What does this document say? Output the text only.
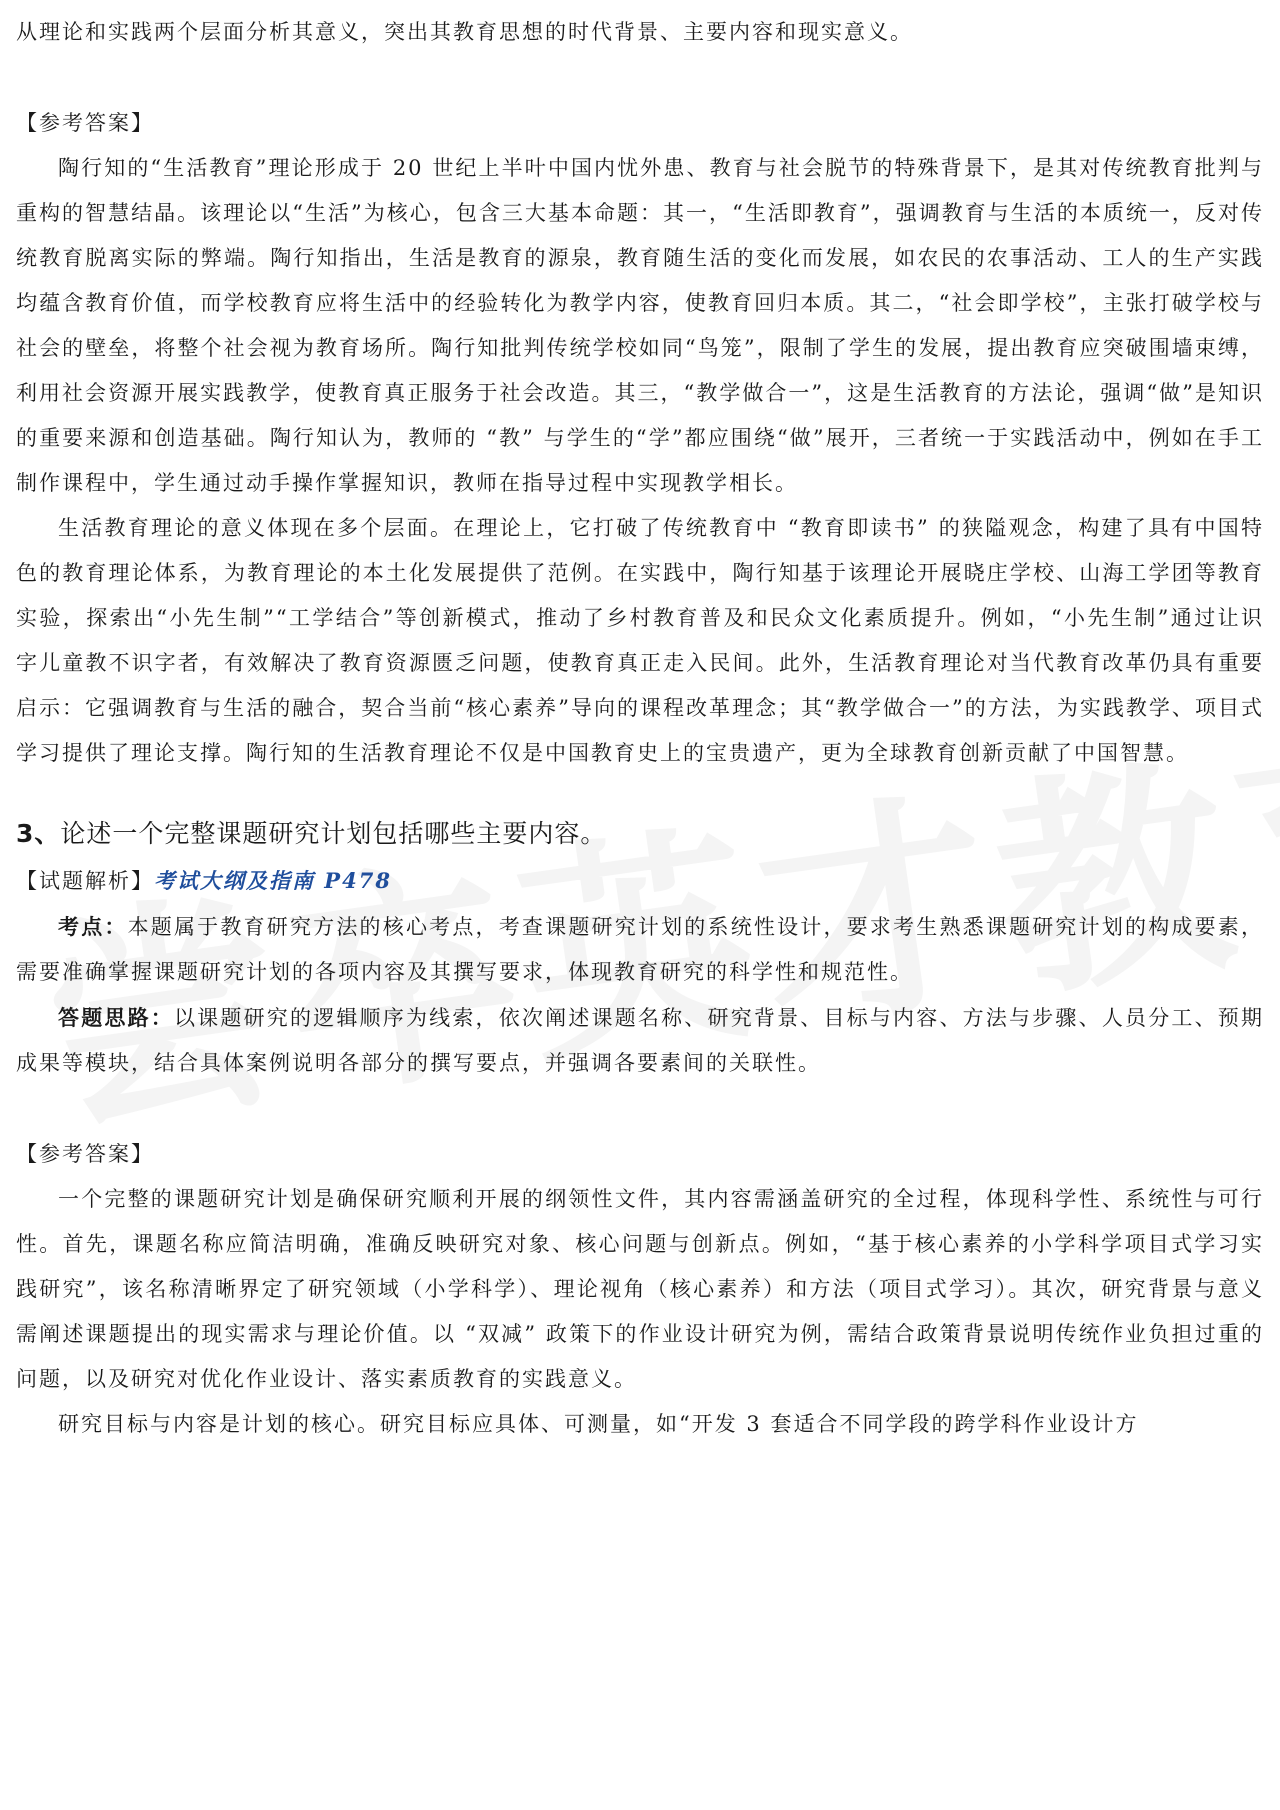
从理论和实践两个层面分析其意义，突出其教育思想的时代背景、主要内容和现实意义。

【参考答案】

陶行知的“生活教育”理论形成于 20 世纪上半叶中国内忧外患、教育与社会脱节的特殊背景下，是其对传统教育批判与重构的智慧结晶。该理论以“生活”为核心，包含三大基本命题：其一，“生活即教育”，强调教育与生活的本质统一，反对传统教育脱离实际的弊端。陶行知指出，生活是教育的源泉，教育随生活的变化而发展，如农民的农事活动、工人的生产实践均蕴含教育价值，而学校教育应将生活中的经验转化为教学内容，使教育回归本质。其二，“社会即学校”，主张打破学校与社会的壁垒，将整个社会视为教育场所。陶行知批判传统学校如同“鸟笼”，限制了学生的发展，提出教育应突破围墙束缚，利用社会资源开展实践教学，使教育真正服务于社会改造。其三，“教学做合一”，这是生活教育的方法论，强调“做”是知识的重要来源和创造基础。陶行知认为，教师的 “教” 与学生的“学”都应围绕“做”展开，三者统一于实践活动中，例如在手工制作课程中，学生通过动手操作掌握知识，教师在指导过程中实现教学相长。

生活教育理论的意义体现在多个层面。在理论上，它打破了传统教育中 “教育即读书” 的狭隘观念，构建了具有中国特色的教育理论体系，为教育理论的本土化发展提供了范例。在实践中，陶行知基于该理论开展晓庄学校、山海工学团等教育实验，探索出“小先生制”“工学结合”等创新模式，推动了乡村教育普及和民众文化素质提升。例如，“小先生制”通过让识字儿童教不识字者，有效解决了教育资源匮乏问题，使教育真正走入民间。此外，生活教育理论对当代教育改革仍具有重要启示：它强调教育与生活的融合，契合当前“核心素养”导向的课程改革理念；其“教学做合一”的方法，为实践教学、项目式学习提供了理论支撑。陶行知的生活教育理论不仅是中国教育史上的宝贵遗产，更为全球教育创新贡献了中国智慧。

3、论述一个完整课题研究计划包括哪些主要内容。
【试题解析】考试大纲及指南 P478

考点：本题属于教育研究方法的核心考点，考查课题研究计划的系统性设计，要求考生熟悉课题研究计划的构成要素，需要准确掌握课题研究计划的各项内容及其撰写要求，体现教育研究的科学性和规范性。

答题思路：以课题研究的逻辑顺序为线索，依次阐述课题名称、研究背景、目标与内容、方法与步骤、人员分工、预期成果等模块，结合具体案例说明各部分的撰写要点，并强调各要素间的关联性。

【参考答案】

一个完整的课题研究计划是确保研究顺利开展的纲领性文件，其内容需涵盖研究的全过程，体现科学性、系统性与可行性。首先，课题名称应简洁明确，准确反映研究对象、核心问题与创新点。例如，“基于核心素养的小学科学项目式学习实践研究”，该名称清晰界定了研究领域（小学科学）、理论视角（核心素养）和方法（项目式学习）。其次，研究背景与意义需阐述课题提出的现实需求与理论价值。以 “双减” 政策下的作业设计研究为例，需结合政策背景说明传统作业负担过重的问题，以及研究对优化作业设计、落实素质教育的实践意义。

研究目标与内容是计划的核心。研究目标应具体、可测量，如“开发 3 套适合不同学段的跨学科作业设计方
